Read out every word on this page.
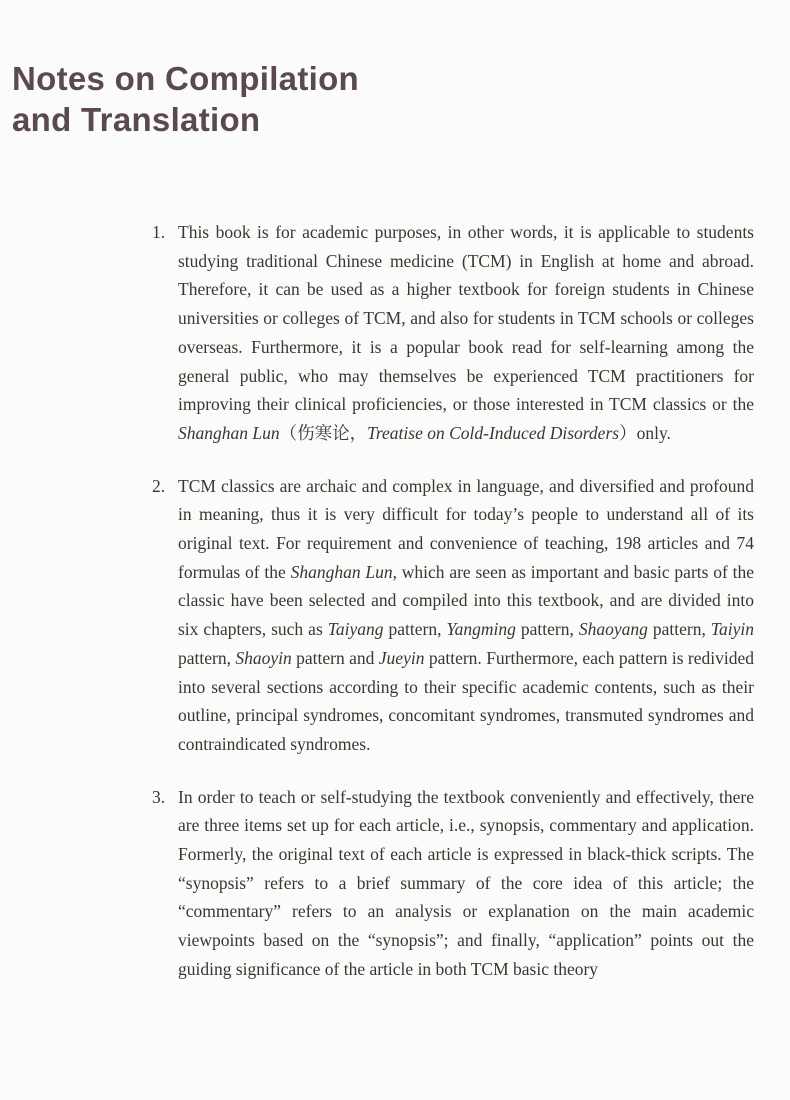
Notes on Compilation
and Translation
1. This book is for academic purposes, in other words, it is applicable to students studying traditional Chinese medicine (TCM) in English at home and abroad. Therefore, it can be used as a higher textbook for foreign students in Chinese universities or colleges of TCM, and also for students in TCM schools or colleges overseas. Furthermore, it is a popular book read for self-learning among the general public, who may themselves be experienced TCM practitioners for improving their clinical proficiencies, or those interested in TCM classics or the Shanghan Lun（伤寒论，Treatise on Cold-Induced Disorders）only.
2. TCM classics are archaic and complex in language, and diversified and profound in meaning, thus it is very difficult for today’s people to understand all of its original text. For requirement and convenience of teaching, 198 articles and 74 formulas of the Shanghan Lun, which are seen as important and basic parts of the classic have been selected and compiled into this textbook, and are divided into six chapters, such as Taiyang pattern, Yangming pattern, Shaoyang pattern, Taiyin pattern, Shaoyin pattern and Jueyin pattern. Furthermore, each pattern is redivided into several sections according to their specific academic contents, such as their outline, principal syndromes, concomitant syndromes, transmuted syndromes and contraindicated syndromes.
3. In order to teach or self-studying the textbook conveniently and effectively, there are three items set up for each article, i.e., synopsis, commentary and application. Formerly, the original text of each article is expressed in black-thick scripts. The “synopsis” refers to a brief summary of the core idea of this article; the “commentary” refers to an analysis or explanation on the main academic viewpoints based on the “synopsis”; and finally, “application” points out the guiding significance of the article in both TCM basic theory
